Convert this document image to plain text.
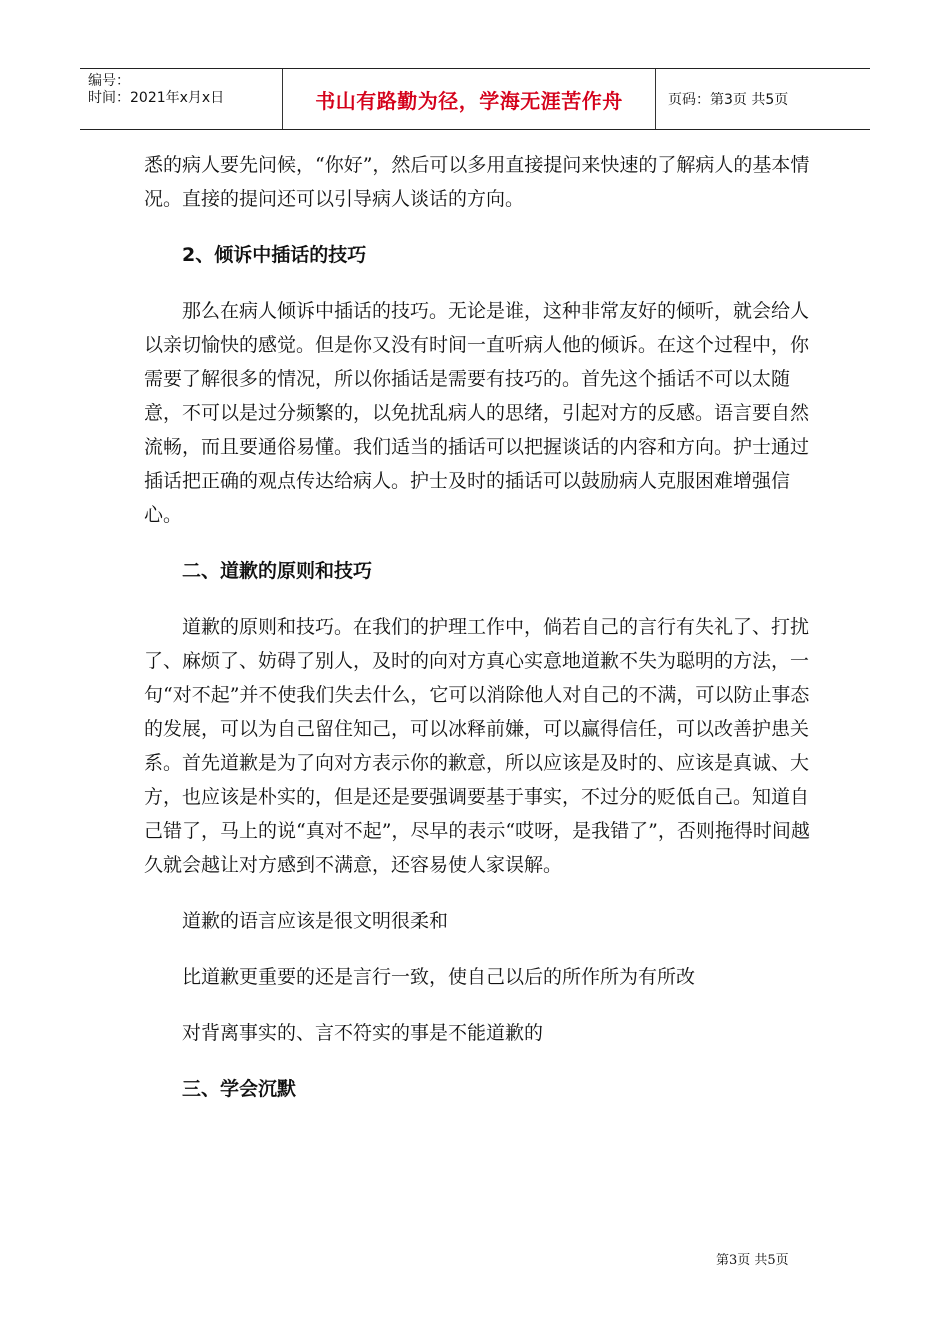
编号：
时间：2021年x月x日	书山有路勤为径，学海无涯苦作舟	页码：第3页 共5页

悉的病人要先问候，“你好”，然后可以多用直接提问来快速的了解病人的基本情况。直接的提问还可以引导病人谈话的方向。

2、倾诉中插话的技巧

那么在病人倾诉中插话的技巧。无论是谁，这种非常友好的倾听，就会给人以亲切愉快的感觉。但是你又没有时间一直听病人他的倾诉。在这个过程中，你需要了解很多的情况，所以你插话是需要有技巧的。首先这个插话不可以太随意，不可以是过分频繁的，以免扰乱病人的思绪，引起对方的反感。语言要自然流畅，而且要通俗易懂。我们适当的插话可以把握谈话的内容和方向。护士通过插话把正确的观点传达给病人。护士及时的插话可以鼓励病人克服困难增强信心。

二、道歉的原则和技巧

道歉的原则和技巧。在我们的护理工作中，倘若自己的言行有失礼了、打扰了、麻烦了、妨碍了别人，及时的向对方真心实意地道歉不失为聪明的方法，一句“对不起”并不使我们失去什么，它可以消除他人对自己的不满，可以防止事态的发展，可以为自己留住知己，可以冰释前嫌，可以赢得信任，可以改善护患关系。首先道歉是为了向对方表示你的歉意，所以应该是及时的、应该是真诚、大方，也应该是朴实的，但是还是要强调要基于事实，不过分的贬低自己。知道自己错了，马上的说“真对不起”，尽早的表示“哎呀，是我错了”，否则拖得时间越久就会越让对方感到不满意，还容易使人家误解。

道歉的语言应该是很文明很柔和

比道歉更重要的还是言行一致，使自己以后的所作所为有所改

对背离事实的、言不符实的事是不能道歉的

三、学会沉默

第3页 共5页
